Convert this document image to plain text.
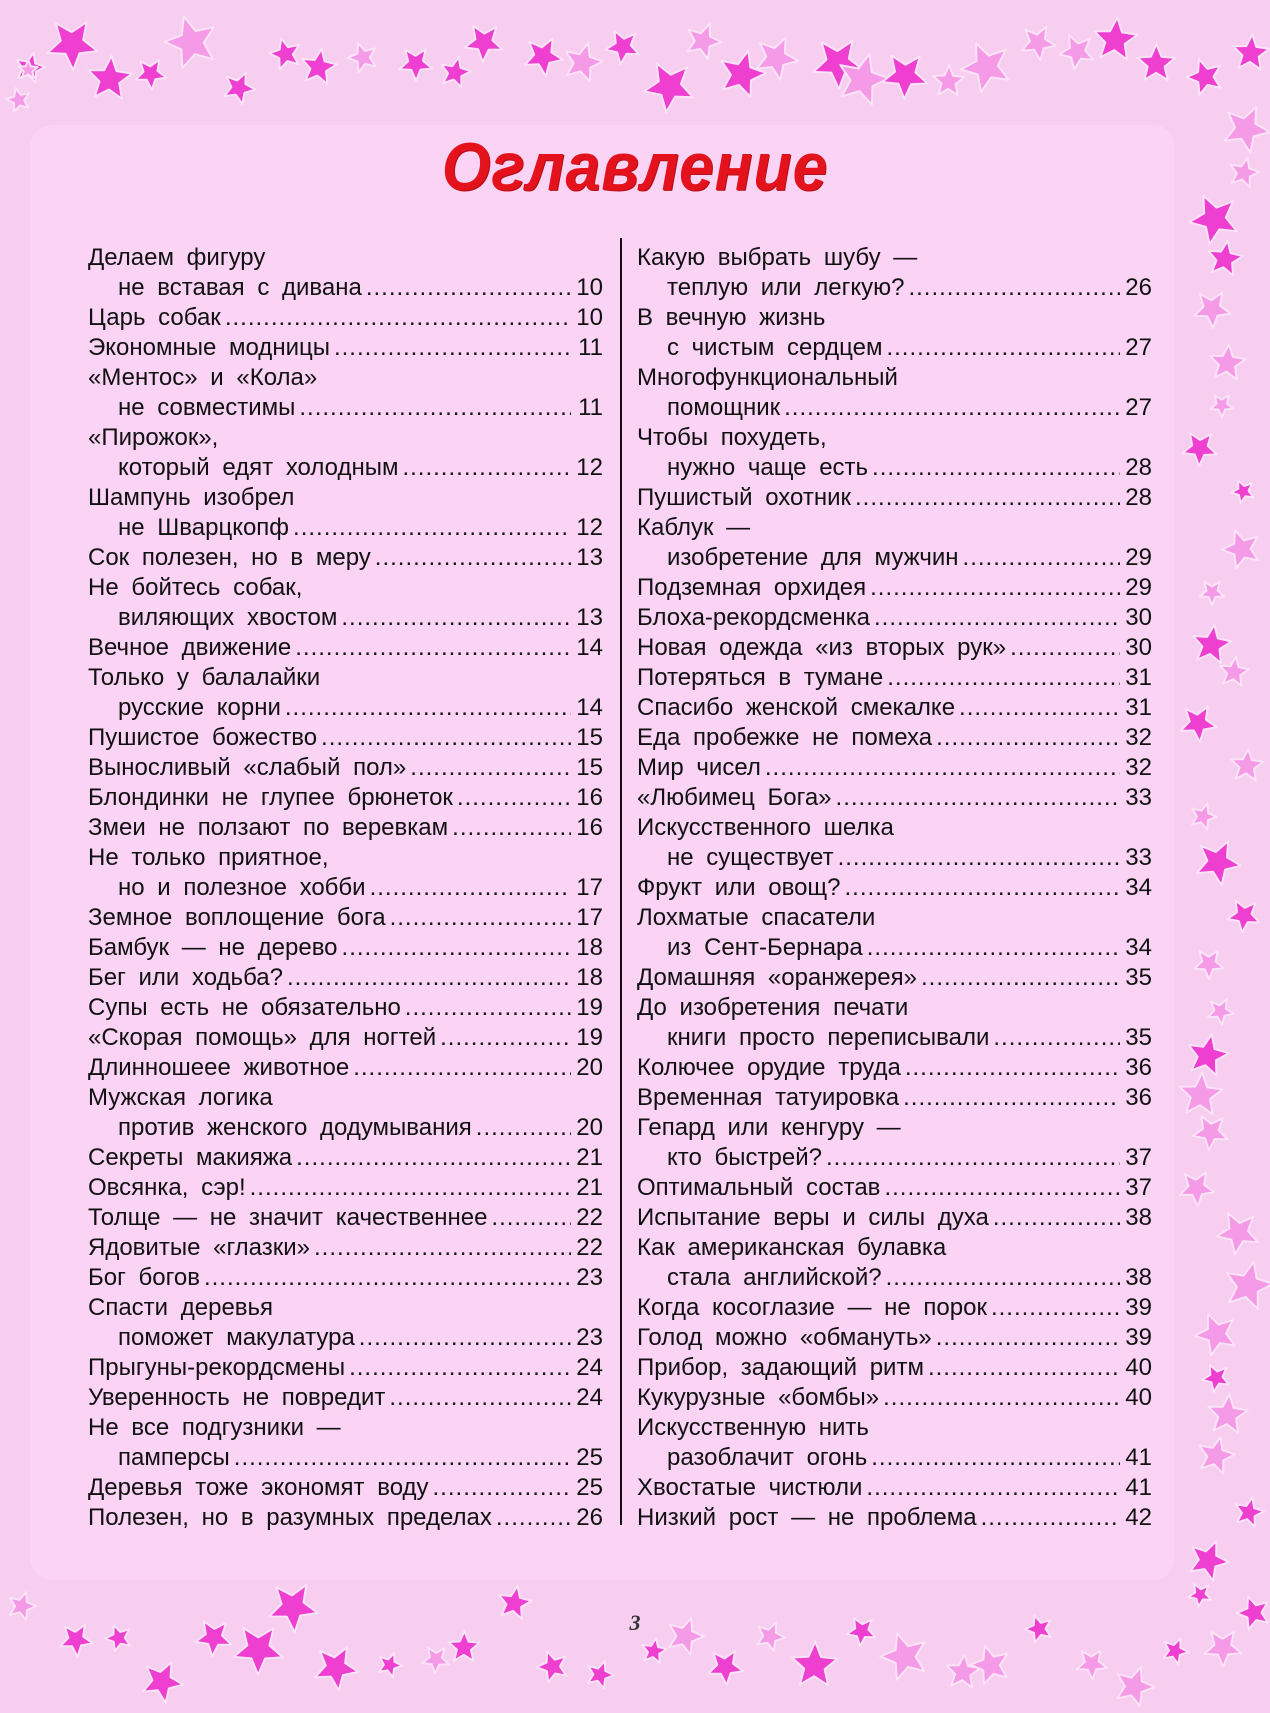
Оглавление
Делаем фигуру
не вставая с дивана .....	10
Царь собак .....	10
Экономные модницы .....	11
«Ментос» и «Кола»
не совместимы .....	11
«Пирожок»,
который едят холодным .....	12
Шампунь изобрел
не Шварцкопф .....	12
Сок полезен, но в меру .....	13
Не бойтесь собак,
виляющих хвостом .....	13
Вечное движение .....	14
Только у балалайки
русские корни .....	14
Пушистое божество .....	15
Выносливый «слабый пол» .....	15
Блондинки не глупее брюнеток .....	16
Змеи не ползают по веревкам .....	16
Не только приятное,
но и полезное хобби .....	17
Земное воплощение бога .....	17
Бамбук — не дерево .....	18
Бег или ходьба? .....	18
Супы есть не обязательно .....	19
«Скорая помощь» для ногтей .....	19
Длинношеее животное .....	20
Мужская логика
против женского додумывания .....	20
Секреты макияжа .....	21
Овсянка, сэр! .....	21
Толще — не значит качественнее .....	22
Ядовитые «глазки» .....	22
Бог богов .....	23
Спасти деревья
поможет макулатура .....	23
Прыгуны-рекордсмены .....	24
Уверенность не повредит .....	24
Не все подгузники —
памперсы .....	25
Деревья тоже экономят воду .....	25
Полезен, но в разумных пределах .....	26
Какую выбрать шубу —
теплую или легкую? .....	26
В вечную жизнь
с чистым сердцем .....	27
Многофункциональный
помощник .....	27
Чтобы похудеть,
нужно чаще есть .....	28
Пушистый охотник .....	28
Каблук —
изобретение для мужчин .....	29
Подземная орхидея .....	29
Блоха-рекордсменка .....	30
Новая одежда «из вторых рук» .....	30
Потеряться в тумане .....	31
Спасибо женской смекалке .....	31
Еда пробежке не помеха .....	32
Мир чисел .....	32
«Любимец Бога» .....	33
Искусственного шелка
не существует .....	33
Фрукт или овощ? .....	34
Лохматые спасатели
из Сент-Бернара .....	34
Домашняя «оранжерея» .....	35
До изобретения печати
книги просто переписывали .....	35
Колючее орудие труда .....	36
Временная татуировка .....	36
Гепард или кенгуру —
кто быстрей? .....	37
Оптимальный состав .....	37
Испытание веры и силы духа .....	38
Как американская булавка
стала английской? .....	38
Когда косоглазие — не порок .....	39
Голод можно «обмануть» .....	39
Прибор, задающий ритм .....	40
Кукурузные «бомбы» .....	40
Искусственную нить
разоблачит огонь .....	41
Хвостатые чистюли .....	41
Низкий рост — не проблема .....	42
3
